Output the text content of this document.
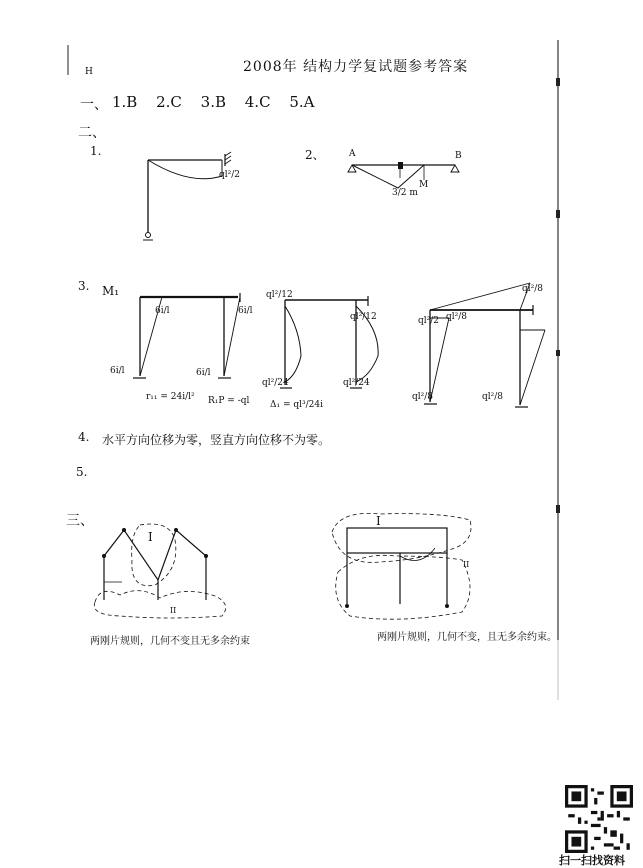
H	2008年 结构力学复试题参考答案
一、 1.B 2.C 3.B 4.C 5.A
二、
1.	2、
ql²/2
A	B
M
3/2 m
3. M₁
6i/l	6i/l
6i/l	6i/l
ql²/12
ql²/12
ql²/24	ql²/24
ql²/8
ql²/2 ql²/8
ql²/8	ql²/8
r₁₁ = 24i/l² R₁P = -ql Δ₁ = ql³/24i
4. 水平方向位移为零，竖直方向位移不为零。
5.
三、
I
II
I
II
两刚片规则，几何不变且无多余约束	两刚片规则，几何不变，且无多余约束。
扫一扫找资料
